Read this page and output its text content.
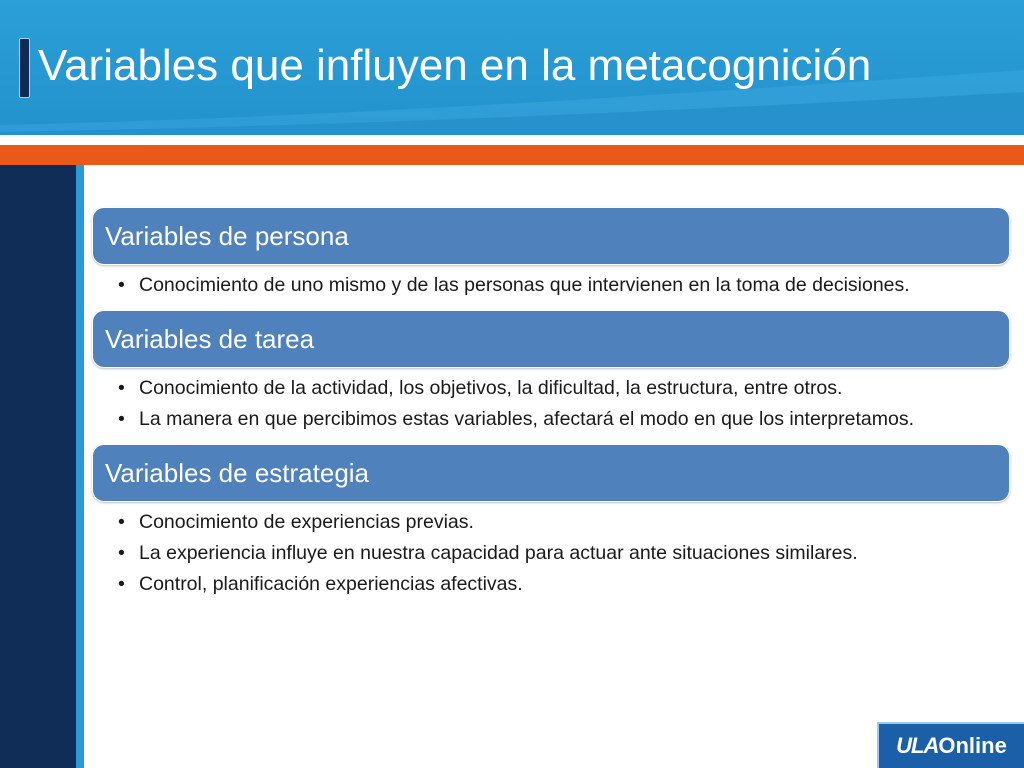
Variables que influyen en la metacognición
Variables de persona
• Conocimiento de uno mismo y de las personas que intervienen en la toma de decisiones.
Variables de tarea
• Conocimiento de la actividad, los objetivos, la dificultad, la estructura, entre otros.
• La manera en que percibimos estas variables, afectará el modo en que los interpretamos.
Variables de estrategia
• Conocimiento de experiencias previas.
• La experiencia influye en nuestra capacidad para actuar ante situaciones similares.
• Control, planificación experiencias afectivas.
ULAOnline
